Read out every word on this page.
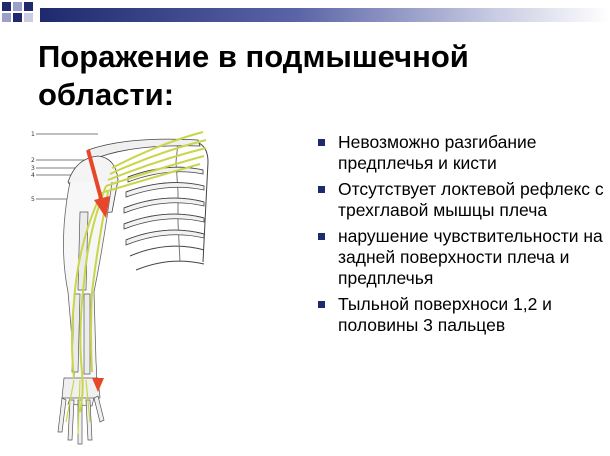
Поражение в подмышечной
области:
1
2
3
4
5
Невозможно разгибание предплечья и кисти
Отсутствует локтевой рефлекс с трехглавой мышцы плеча
нарушение чувствительности на задней поверхности плеча и предплечья
Тыльной поверхноси 1,2 и половины 3 пальцев
